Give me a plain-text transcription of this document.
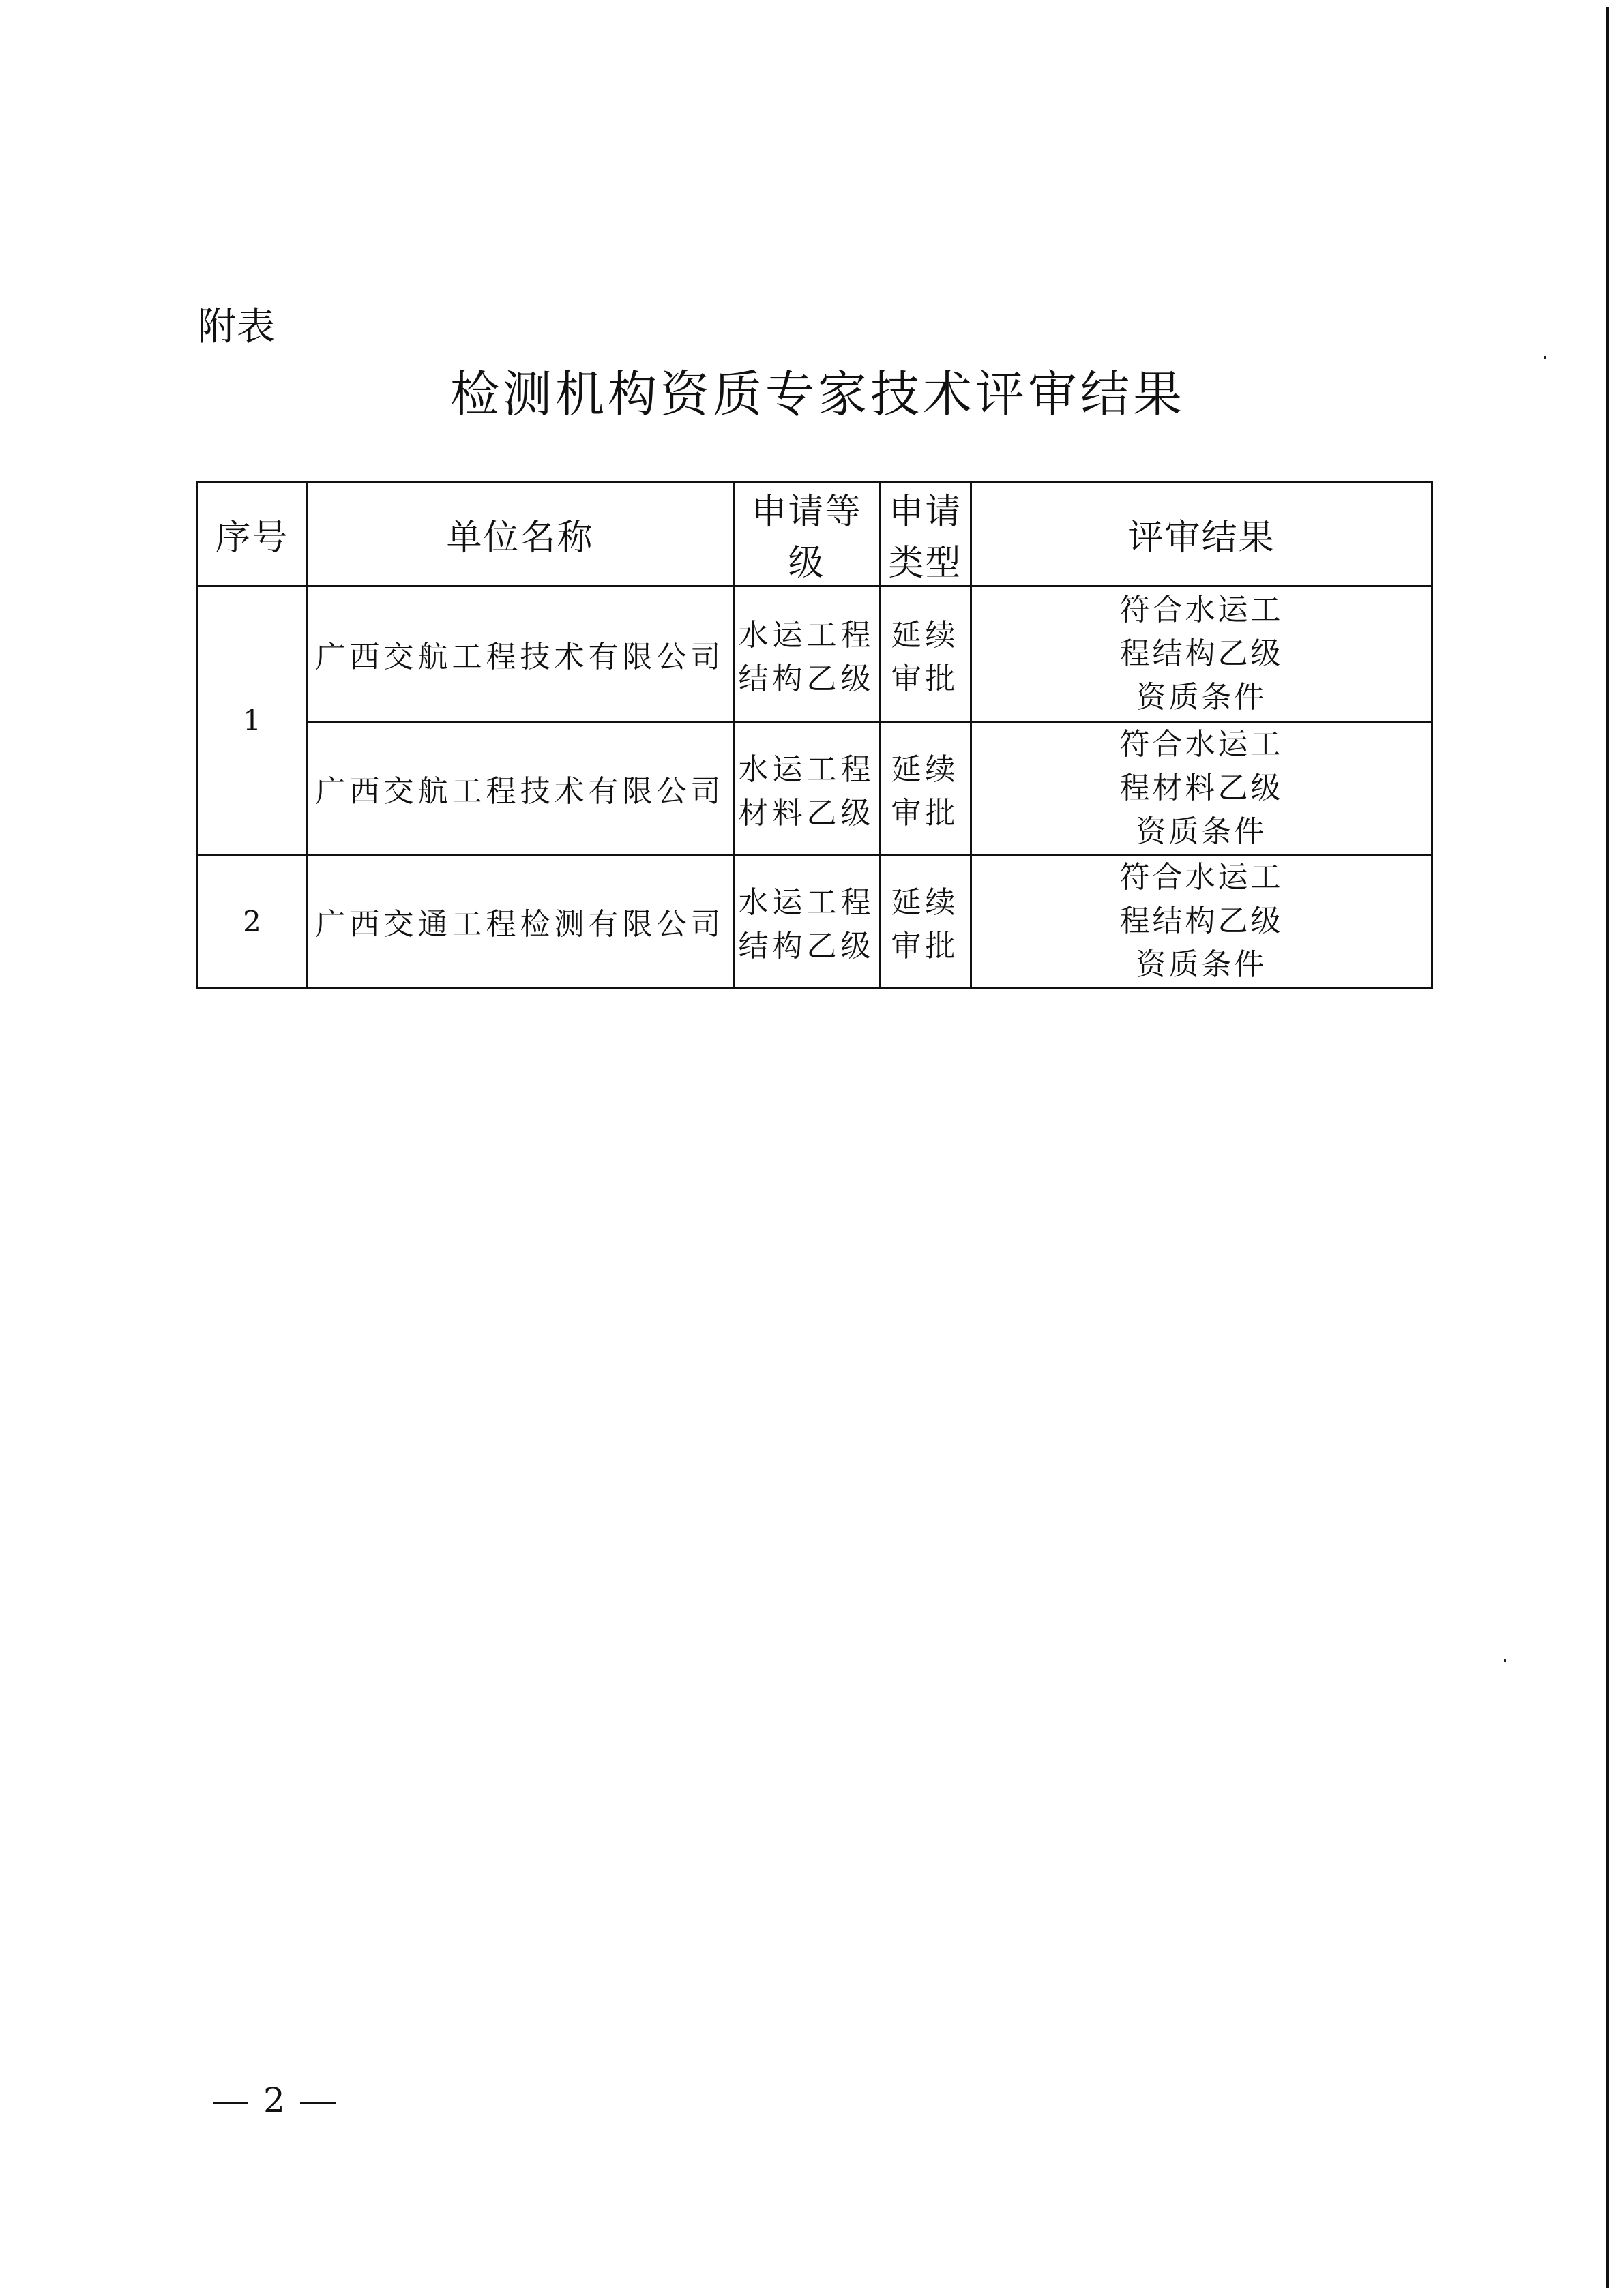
附表
检测机构资质专家技术评审结果
序号	单位名称	申请等级	申请类型	评审结果
1	广西交航工程技术有限公司	水运工程结构乙级	延续审批	符合水运工
程结构乙级
资质条件

	广西交航工程技术有限公司	水运工程材料乙级	延续审批	符合水运工
程材料乙级
资质条件

2	广西交通工程检测有限公司	水运工程结构乙级	延续审批	符合水运工
程结构乙级
资质条件
2
